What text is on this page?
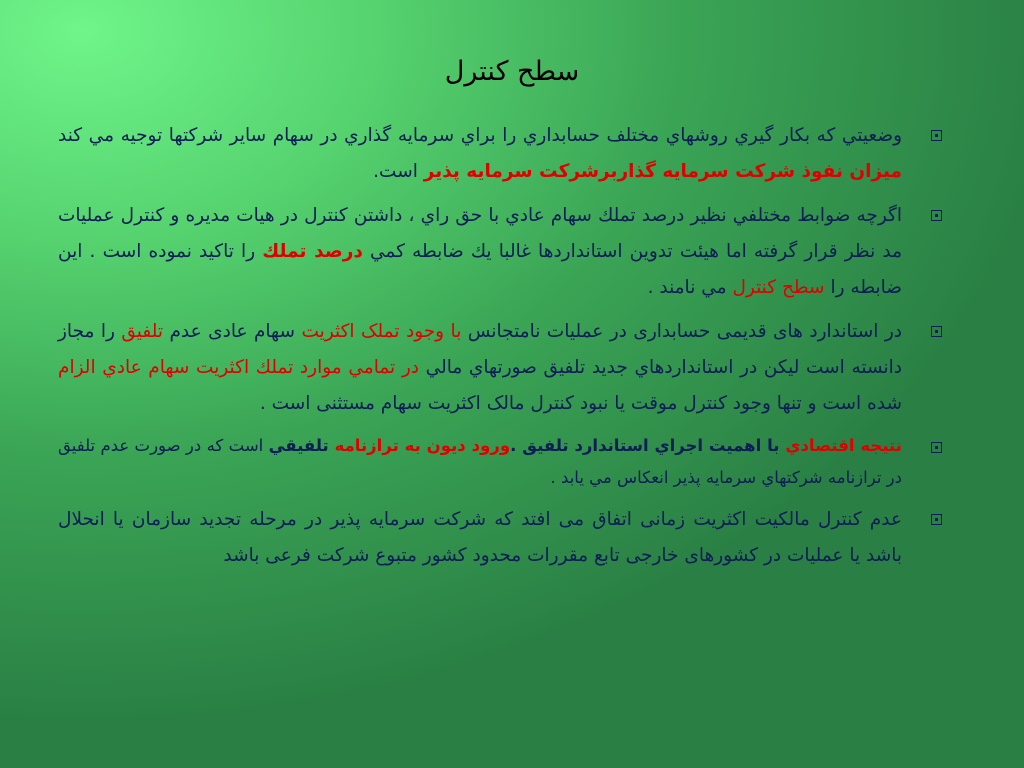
سطح کنترل
وضعيتي كه بكار گيري روشهاي مختلف حسابداري را براي سرمايه گذاري در سهام ساير شركتها توجيه مي كند ميزان نفوذ شركت سرمايه گذاربرشركت سرمايه پذير است.
اگرچه ضوابط مختلفي نظير درصد تملك سهام عادي با حق راي ، داشتن كنترل در هيات مديره و كنترل عمليات مد نظر قرار گرفته اما هيئت تدوين استانداردها غالبا يك ضابطه كمي درصد تملك را تاكيد نموده است . اين ضابطه را سطح كنترل مي نامند .
در استاندارد های قدیمی حسابداری در عملیات نامتجانس با وجود تملک اکثریت سهام عادی عدم تلفیق را مجاز دانسته است ليكن در استانداردهاي جديد تلفيق صورتهاي مالي در تمامي موارد تملك اكثريت سهام عادي الزام شده است و تنها وجود كنترل موقت يا نبود كنترل مالک اکثریت سهام مستثنی است .
نتيجه اقتصادي با اهميت اجراي استاندارد تلفيق .ورود ديون به ترازنامه تلفيقي است كه در صورت عدم تلفيق در ترازنامه شركتهاي سرمايه پذير انعكاس مي يابد .
عدم کنترل مالکیت اکثریت زمانی اتفاق می افتد که شرکت سرمایه پذیر در مرحله تجدید سازمان یا انحلال باشد یا عملیات در کشورهای خارجی تابع مقررات محدود کشور متبوع شرکت فرعی باشد
